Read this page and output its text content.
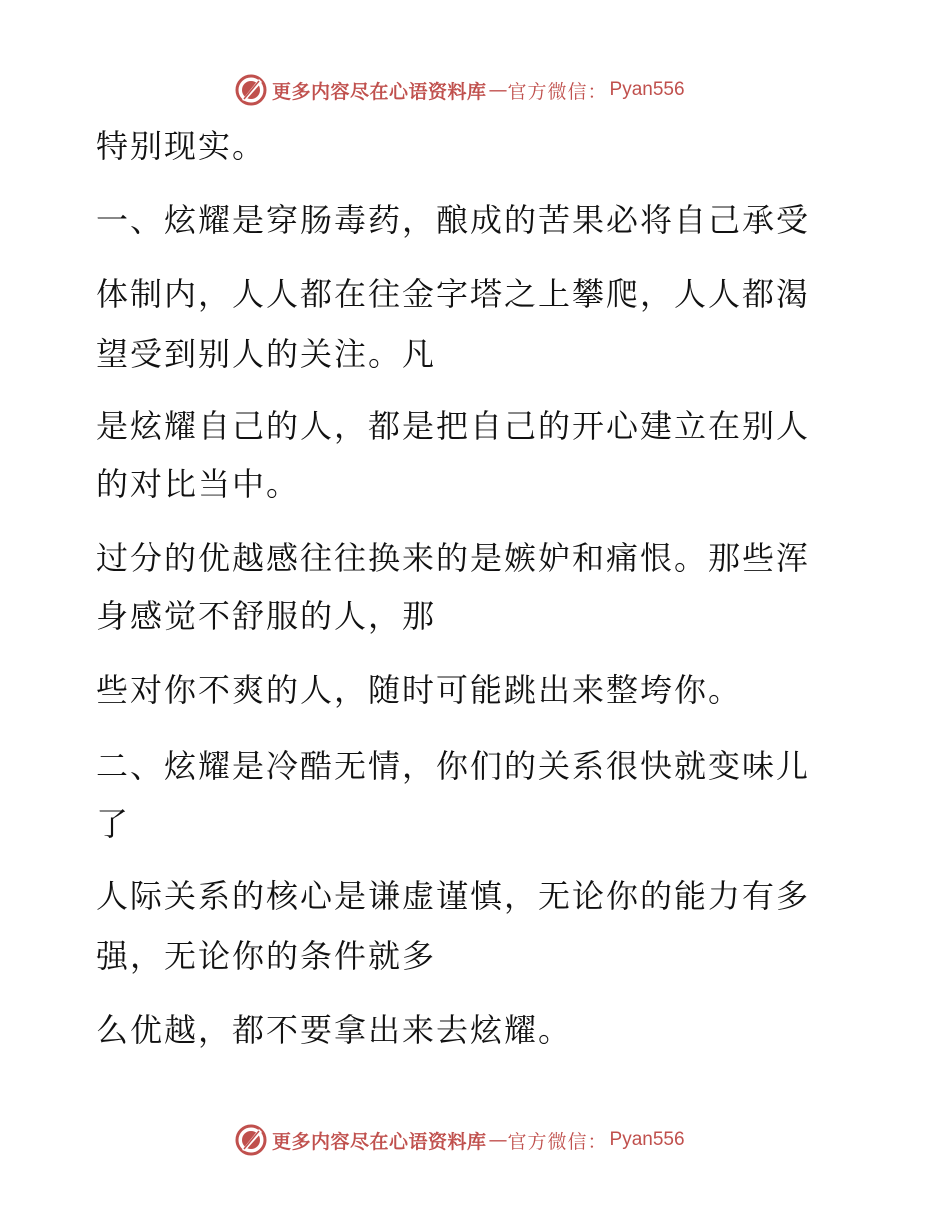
更多内容尽在心语资料库 — 官方微信： Pyan556
特别现实。
一、炫耀是穿肠毒药，酿成的苦果必将自己承受
体制内，人人都在往金字塔之上攀爬，人人都渴
望受到别人的关注。凡
是炫耀自己的人，都是把自己的开心建立在别人
的对比当中。
过分的优越感往往换来的是嫉妒和痛恨。那些浑
身感觉不舒服的人，那
些对你不爽的人，随时可能跳出来整垮你。
二、炫耀是冷酷无情，你们的关系很快就变味儿
了
人际关系的核心是谦虚谨慎，无论你的能力有多
强，无论你的条件就多
么优越，都不要拿出来去炫耀。
更多内容尽在心语资料库 — 官方微信： Pyan556
